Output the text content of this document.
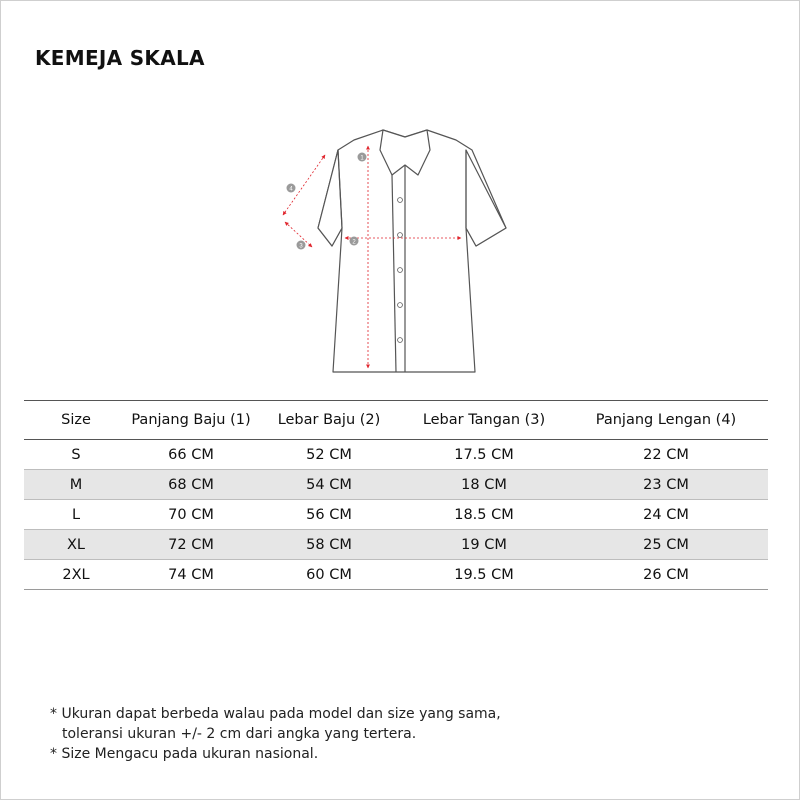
KEMEJA SKALA
1
2
3
4
Size	Panjang Baju (1)	Lebar Baju (2)	Lebar Tangan (3)	Panjang Lengan (4)
S	66 CM	52 CM	17.5 CM	22 CM
M	68 CM	54 CM	18 CM	23 CM
L	70 CM	56 CM	18.5 CM	24 CM
XL	72 CM	58 CM	19 CM	25 CM
2XL	74 CM	60 CM	19.5 CM	26 CM

* Ukuran dapat berbeda walau pada model dan size yang sama,

toleransi ukuran +/- 2 cm dari angka yang tertera.

* Size Mengacu pada ukuran nasional.
